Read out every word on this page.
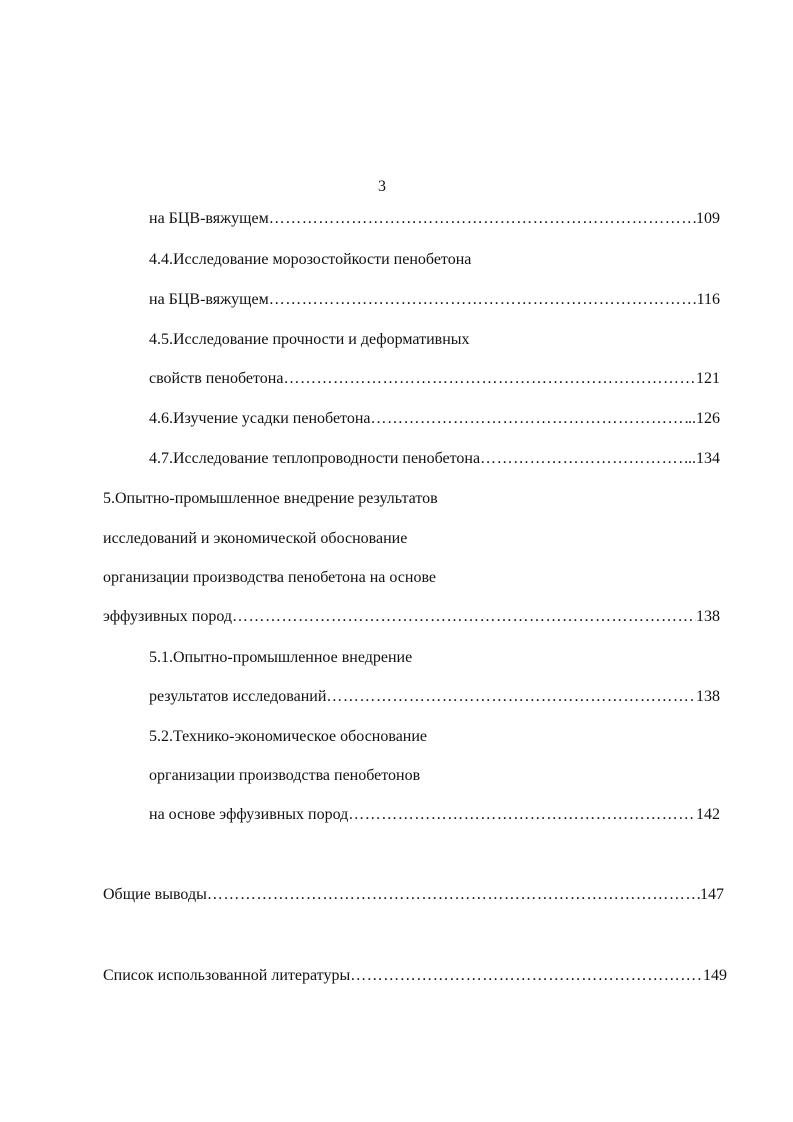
3
на БЦВ-вяжущем ……………………………………………………………………………………………………………………………………………………………………………………………………………………	109
4.4.Исследование морозостойкости пенобетона
на БЦВ-вяжущем ……………………………………………………………………………………………………………………………………………………………………………………………………………………	116
4.5.Исследование прочности и деформативных
свойств пенобетона ……………………………………………………………………………………………………………………………………………………………………………………………………………………	121
4.6.Изучение усадки пенобетона ……………………………………………………………………………………………………………………………………………………………………………………………………………………	..126
4.7.Исследование теплопроводности пенобетона ……………………………………………………………………………………………………………………………………………………………………………………………………………………	..134
5.Опытно-промышленное внедрение результатов
исследований и экономической обоснование
организации производства пенобетона на основе
эффузивных пород ……………………………………………………………………………………………………………………………………………………………………………………………………………………	138
5.1.Опытно-промышленное внедрение
результатов исследований ……………………………………………………………………………………………………………………………………………………………………………………………………………………	138
5.2.Технико-экономическое обоснование
организации производства пенобетонов
на основе эффузивных пород ……………………………………………………………………………………………………………………………………………………………………………………………………………………	142
Общие выводы ……………………………………………………………………………………………………………………………………………………………………………………………………………………	147
Список использованной литературы ……………………………………………………………………………………………………………………………………………………………………………………………………………………	149
